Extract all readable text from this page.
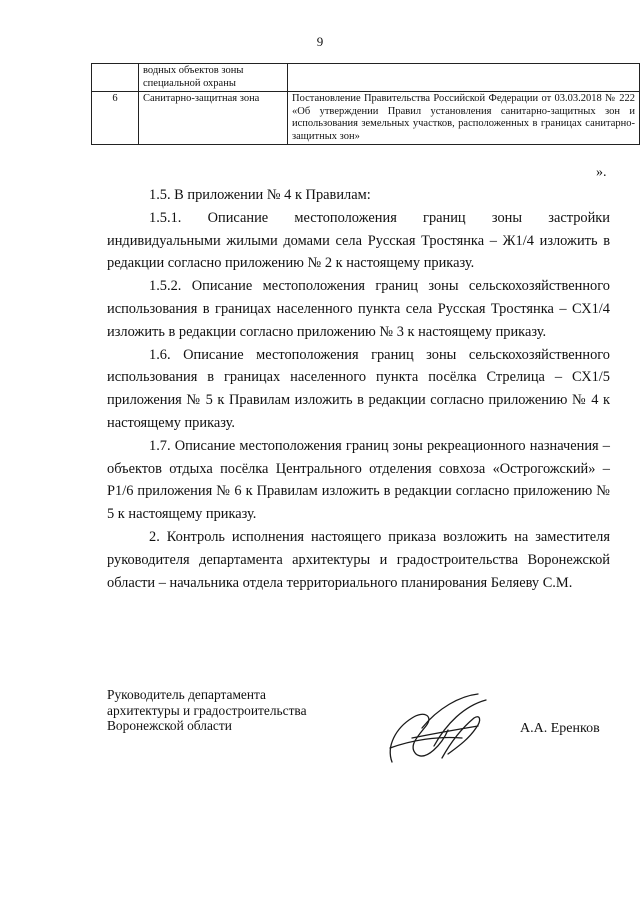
9
	водных объектов зоны специальной охраны	
6	Санитарно-защитная зона	Постановление Правительства Российской Федерации от 03.03.2018 № 222 «Об утверждении Правил установления санитарно-защитных зон и использования земельных участков, расположенных в границах санитарно-защитных зон»
».

1.5. В приложении № 4 к Правилам:

1.5.1. Описание местоположения границ зоны застройки индивидуальными жилыми домами села Русская Тростянка – Ж1/4 изложить в редакции согласно приложению № 2 к настоящему приказу.

1.5.2. Описание местоположения границ зоны сельскохозяйственного использования в границах населенного пункта села Русская Тростянка – СХ1/4 изложить в редакции согласно приложению № 3 к настоящему приказу.

1.6. Описание местоположения границ зоны сельскохозяйственного использования в границах населенного пункта посёлка Стрелица – СХ1/5 приложения № 5 к Правилам изложить в редакции согласно приложению № 4 к настоящему приказу.

1.7. Описание местоположения границ зоны рекреационного назначения – объектов отдыха посёлка Центрального отделения совхоза «Острогожский» – Р1/6 приложения № 6 к Правилам изложить в редакции согласно приложению № 5 к настоящему приказу.

2. Контроль исполнения настоящего приказа возложить на заместителя руководителя департамента архитектуры и градостроительства Воронежской области – начальника отдела территориального планирования Беляеву С.М.

Руководитель департамента
архитектуры и градостроительства
Воронежской области	А.А. Еренков
